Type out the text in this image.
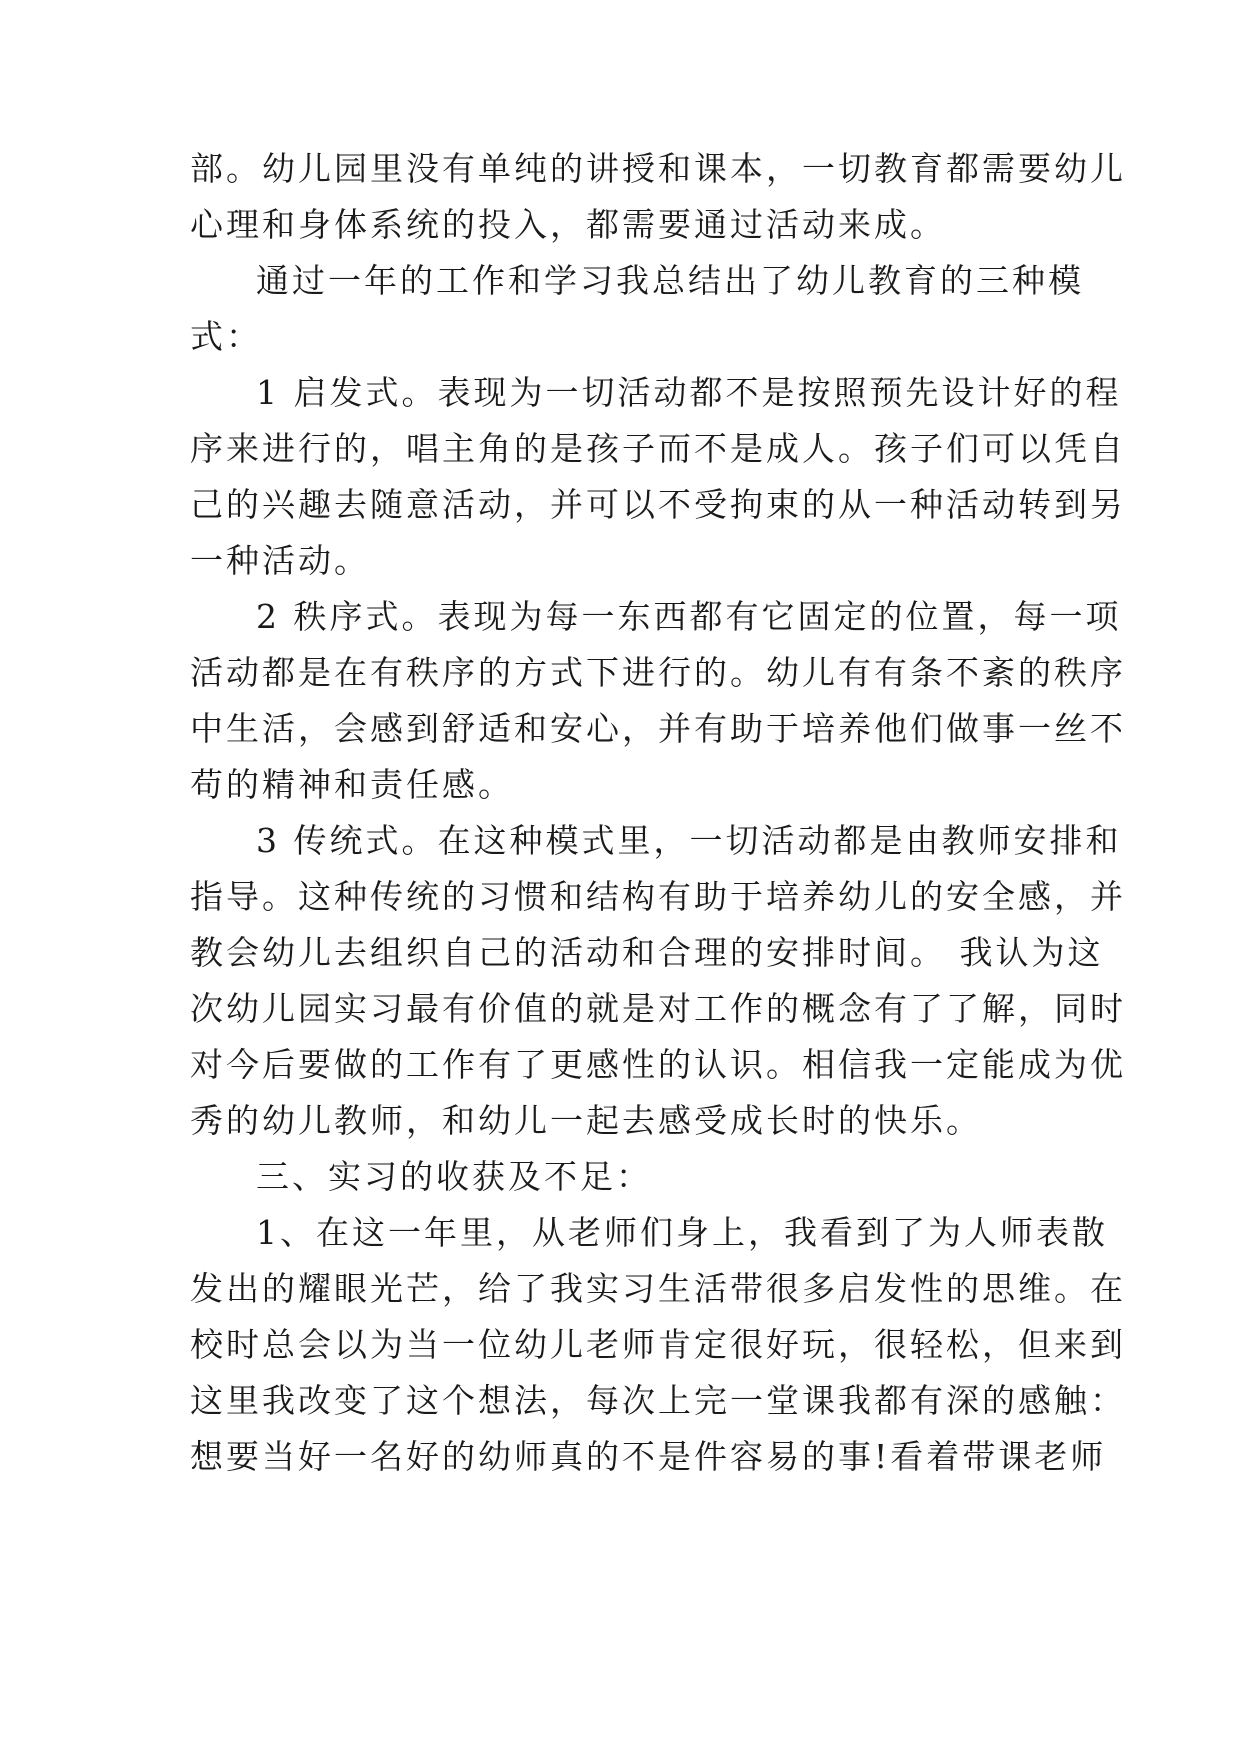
部。幼儿园里没有单纯的讲授和课本，一切教育都需要幼儿

心理和身体系统的投入，都需要通过活动来成。

通过一年的工作和学习我总结出了幼儿教育的三种模

式：

1 启发式。表现为一切活动都不是按照预先设计好的程

序来进行的，唱主角的是孩子而不是成人。孩子们可以凭自

己的兴趣去随意活动，并可以不受拘束的从一种活动转到另

一种活动。

2 秩序式。表现为每一东西都有它固定的位置，每一项

活动都是在有秩序的方式下进行的。幼儿有有条不紊的秩序

中生活，会感到舒适和安心，并有助于培养他们做事一丝不

苟的精神和责任感。

3 传统式。在这种模式里，一切活动都是由教师安排和

指导。这种传统的习惯和结构有助于培养幼儿的安全感，并

教会幼儿去组织自己的活动和合理的安排时间。 我认为这

次幼儿园实习最有价值的就是对工作的概念有了了解，同时

对今后要做的工作有了更感性的认识。相信我一定能成为优

秀的幼儿教师，和幼儿一起去感受成长时的快乐。

三、实习的收获及不足：

1、在这一年里，从老师们身上，我看到了为人师表散

发出的耀眼光芒，给了我实习生活带很多启发性的思维。在

校时总会以为当一位幼儿老师肯定很好玩，很轻松，但来到

这里我改变了这个想法，每次上完一堂课我都有深的感触：

想要当好一名好的幼师真的不是件容易的事!看着带课老师
